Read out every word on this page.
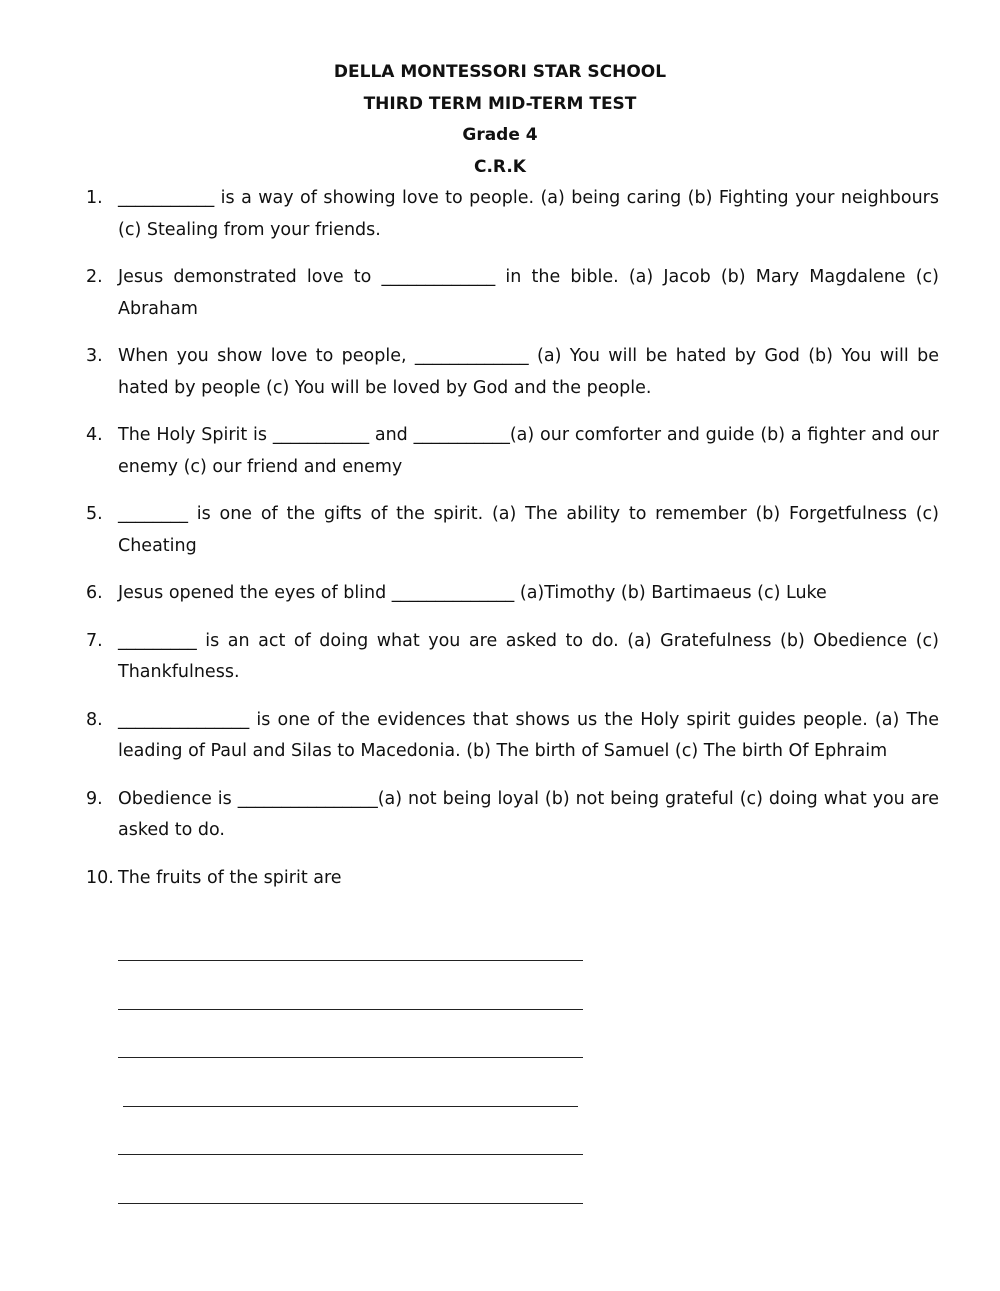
DELLA MONTESSORI STAR SCHOOL
THIRD TERM MID-TERM TEST
Grade 4
C.R.K
1. ___________ is a way of showing love to people. (a) being caring (b) Fighting your neighbours (c) Stealing from your friends.
2. Jesus demonstrated love to _____________ in the bible. (a) Jacob (b) Mary Magdalene (c) Abraham
3. When you show love to people, _____________ (a) You will be hated by God (b) You will be hated by people (c) You will be loved by God and the people.
4. The Holy Spirit is ___________ and ___________(a) our comforter and guide (b) a fighter and our enemy (c) our friend and enemy
5. ________ is one of the gifts of the spirit. (a) The ability to remember (b) Forgetfulness (c) Cheating
6. Jesus opened the eyes of blind ______________ (a)Timothy (b) Bartimaeus (c) Luke
7. _________ is an act of doing what you are asked to do. (a) Gratefulness (b) Obedience (c) Thankfulness.
8. _______________ is one of the evidences that shows us the Holy spirit guides people. (a) The leading of Paul and Silas to Macedonia. (b) The birth of Samuel (c) The birth Of Ephraim
9. Obedience is ________________(a) not being loyal (b) not being grateful (c) doing what you are asked to do.
10. The fruits of the spirit are
